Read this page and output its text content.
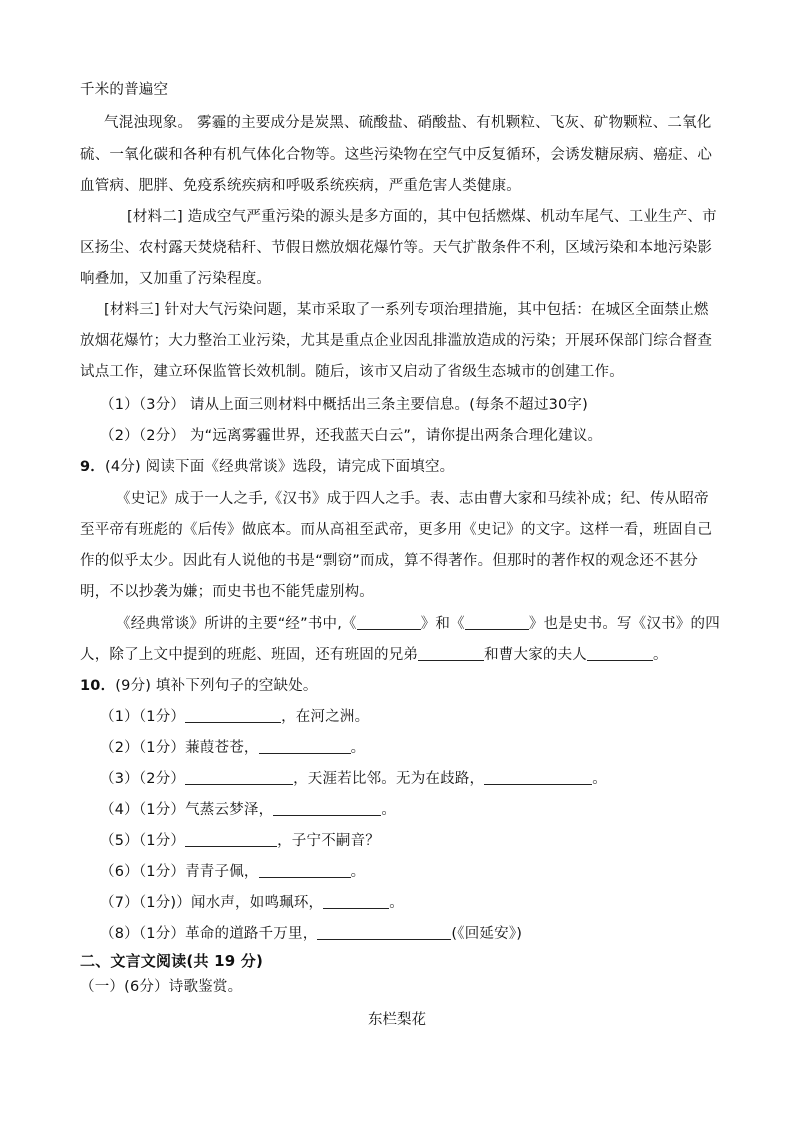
千米的普遍空
气混浊现象。 雾霾的主要成分是炭黑、硫酸盐、硝酸盐、有机颗粒、飞灰、矿物颗粒、二氧化
硫、一氧化碳和各种有机气体化合物等。这些污染物在空气中反复循环，会诱发糖尿病、癌症、心
血管病、肥胖、免疫系统疾病和呼吸系统疾病，严重危害人类健康。
[材料二] 造成空气严重污染的源头是多方面的，其中包括燃煤、机动车尾气、工业生产、市
区扬尘、农村露天焚烧秸秆、节假日燃放烟花爆竹等。天气扩散条件不利，区域污染和本地污染影
响叠加，又加重了污染程度。
[材料三] 针对大气污染问题，某市采取了一系列专项治理措施，其中包括：在城区全面禁止燃
放烟花爆竹；大力整治工业污染，尤其是重点企业因乱排滥放造成的污染；开展环保部门综合督查
试点工作，建立环保监管长效机制。随后，该市又启动了省级生态城市的创建工作。
（1）（3分） 请从上面三则材料中概括出三条主要信息。(每条不超过30字)
（2）（2分） 为“远离雾霾世界，还我蓝天白云”，请你提出两条合理化建议。
9．(4分) 阅读下面《经典常谈》选段，请完成下面填空。
《史记》成于一人之手,《汉书》成于四人之手。表、志由曹大家和马续补成；纪、传从昭帝
至平帝有班彪的《后传》做底本。而从高祖至武帝，更多用《史记》的文字。这样一看，班固自己
作的似乎太少。因此有人说他的书是“剽窃”而成，算不得著作。但那时的著作权的观念还不甚分
明，不以抄袭为嫌；而史书也不能凭虚别构。
《经典常谈》所讲的主要“经”书中,《	》和《	》也是史书。写《汉书》的四
人，除了上文中提到的班彪、班固，还有班固的兄弟	和曹大家的夫人	。
10．(9分) 填补下列句子的空缺处。
（1）（1分）	，在河之洲。
（2）（1分）蒹葭苍苍，	。
（3）（2分）	，天涯若比邻。无为在歧路，	。
（4）（1分）气蒸云梦泽，	。
（5）（1分）	，子宁不嗣音？
（6）（1分）青青子佩，	。
（7）（1分)）闻水声，如鸣珮环，	。
（8）（1分）革命的道路千万里，	(《回延安》)
二、文言文阅读(共 19 分)
（一）(6分）诗歌鉴赏。
东栏梨花
